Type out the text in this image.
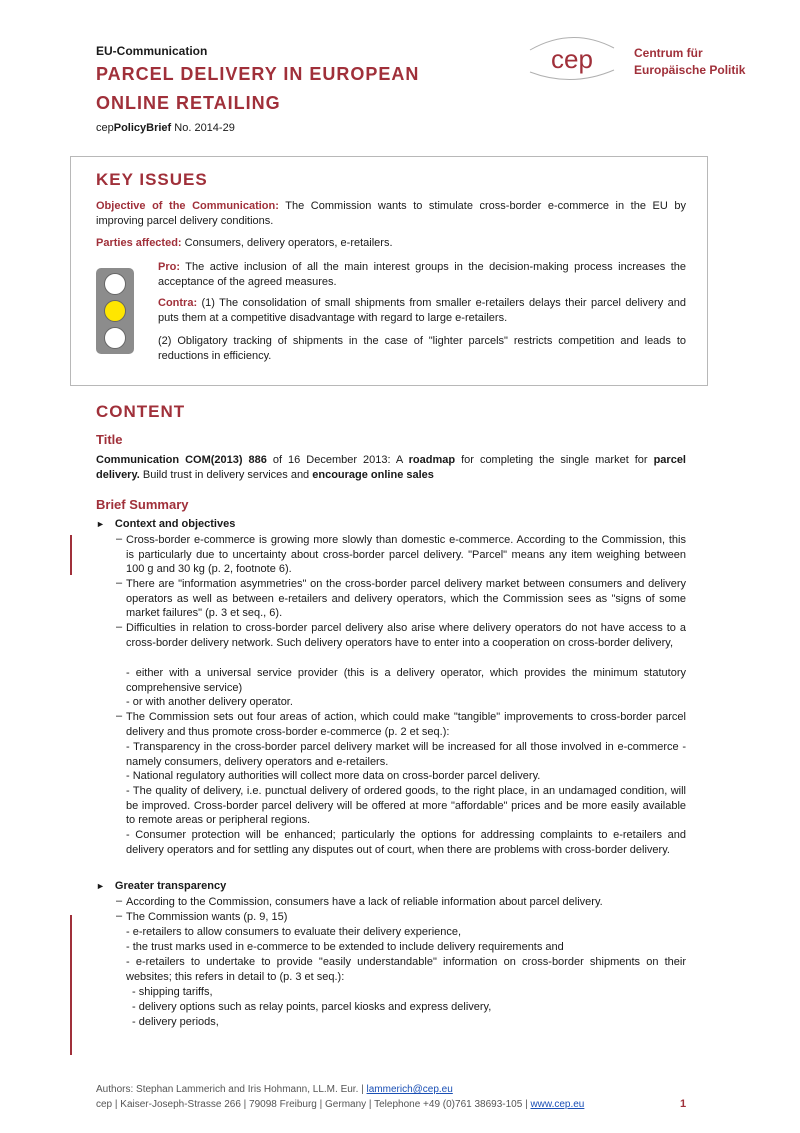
EU-Communication
PARCEL DELIVERY IN EUROPEAN
ONLINE RETAILING
cepPolicyBrief No. 2014-29
cep	Centrum für
Europäische Politik
KEY ISSUES
Objective of the Communication: The Commission wants to stimulate cross-border e-commerce in the EU by improving parcel delivery conditions.
Parties affected: Consumers, delivery operators, e-retailers.
Pro: The active inclusion of all the main interest groups in the decision-making process increases the acceptance of the agreed measures.
Contra: (1) The consolidation of small shipments from smaller e-retailers delays their parcel delivery and puts them at a competitive disadvantage with regard to large e-retailers.
(2) Obligatory tracking of shipments in the case of "lighter parcels" restricts competition and leads to reductions in efficiency.
CONTENT
Title
Communication COM(2013) 886 of 16 December 2013: A roadmap for completing the single market for parcel delivery. Build trust in delivery services and encourage online sales
Brief Summary
► Context and objectives
– Cross-border e-commerce is growing more slowly than domestic e-commerce. According to the Commission, this is particularly due to uncertainty about cross-border parcel delivery. "Parcel" means any item weighing between 100 g and 30 kg (p. 2, footnote 6).
– There are "information asymmetries" on the cross-border parcel delivery market between consumers and delivery operators as well as between e-retailers and delivery operators, which the Commission sees as "signs of some market failures" (p. 3 et seq., 6).
– Difficulties in relation to cross-border parcel delivery also arise where delivery operators do not have access to a cross-border delivery network. Such delivery operators have to enter into a cooperation on cross-border delivery,
- either with a universal service provider (this is a delivery operator, which provides the minimum statutory comprehensive service)
- or with another delivery operator.
– The Commission sets out four areas of action, which could make "tangible" improvements to cross-border parcel delivery and thus promote cross-border e-commerce (p. 2 et seq.):
- Transparency in the cross-border parcel delivery market will be increased for all those involved in e-commerce - namely consumers, delivery operators and e-retailers.
- National regulatory authorities will collect more data on cross-border parcel delivery.
- The quality of delivery, i.e. punctual delivery of ordered goods, to the right place, in an undamaged condition, will be improved. Cross-border parcel delivery will be offered at more "affordable" prices and be more easily available to remote areas or peripheral regions.
- Consumer protection will be enhanced; particularly the options for addressing complaints to e-retailers and delivery operators and for settling any disputes out of court, when there are problems with cross-border delivery.
► Greater transparency
– According to the Commission, consumers have a lack of reliable information about parcel delivery.
– The Commission wants (p. 9, 15)
- e-retailers to allow consumers to evaluate their delivery experience,
- the trust marks used in e-commerce to be extended to include delivery requirements and
- e-retailers to undertake to provide "easily understandable" information on cross-border shipments on their websites; this refers in detail to (p. 3 et seq.):
- shipping tariffs,
- delivery options such as relay points, parcel kiosks and express delivery,
- delivery periods,
Authors: Stephan Lammerich and Iris Hohmann, LL.M. Eur. | lammerich@cep.eu
cep | Kaiser-Joseph-Strasse 266 | 79098 Freiburg | Germany | Telephone +49 (0)761 38693-105 | www.cep.eu	1
